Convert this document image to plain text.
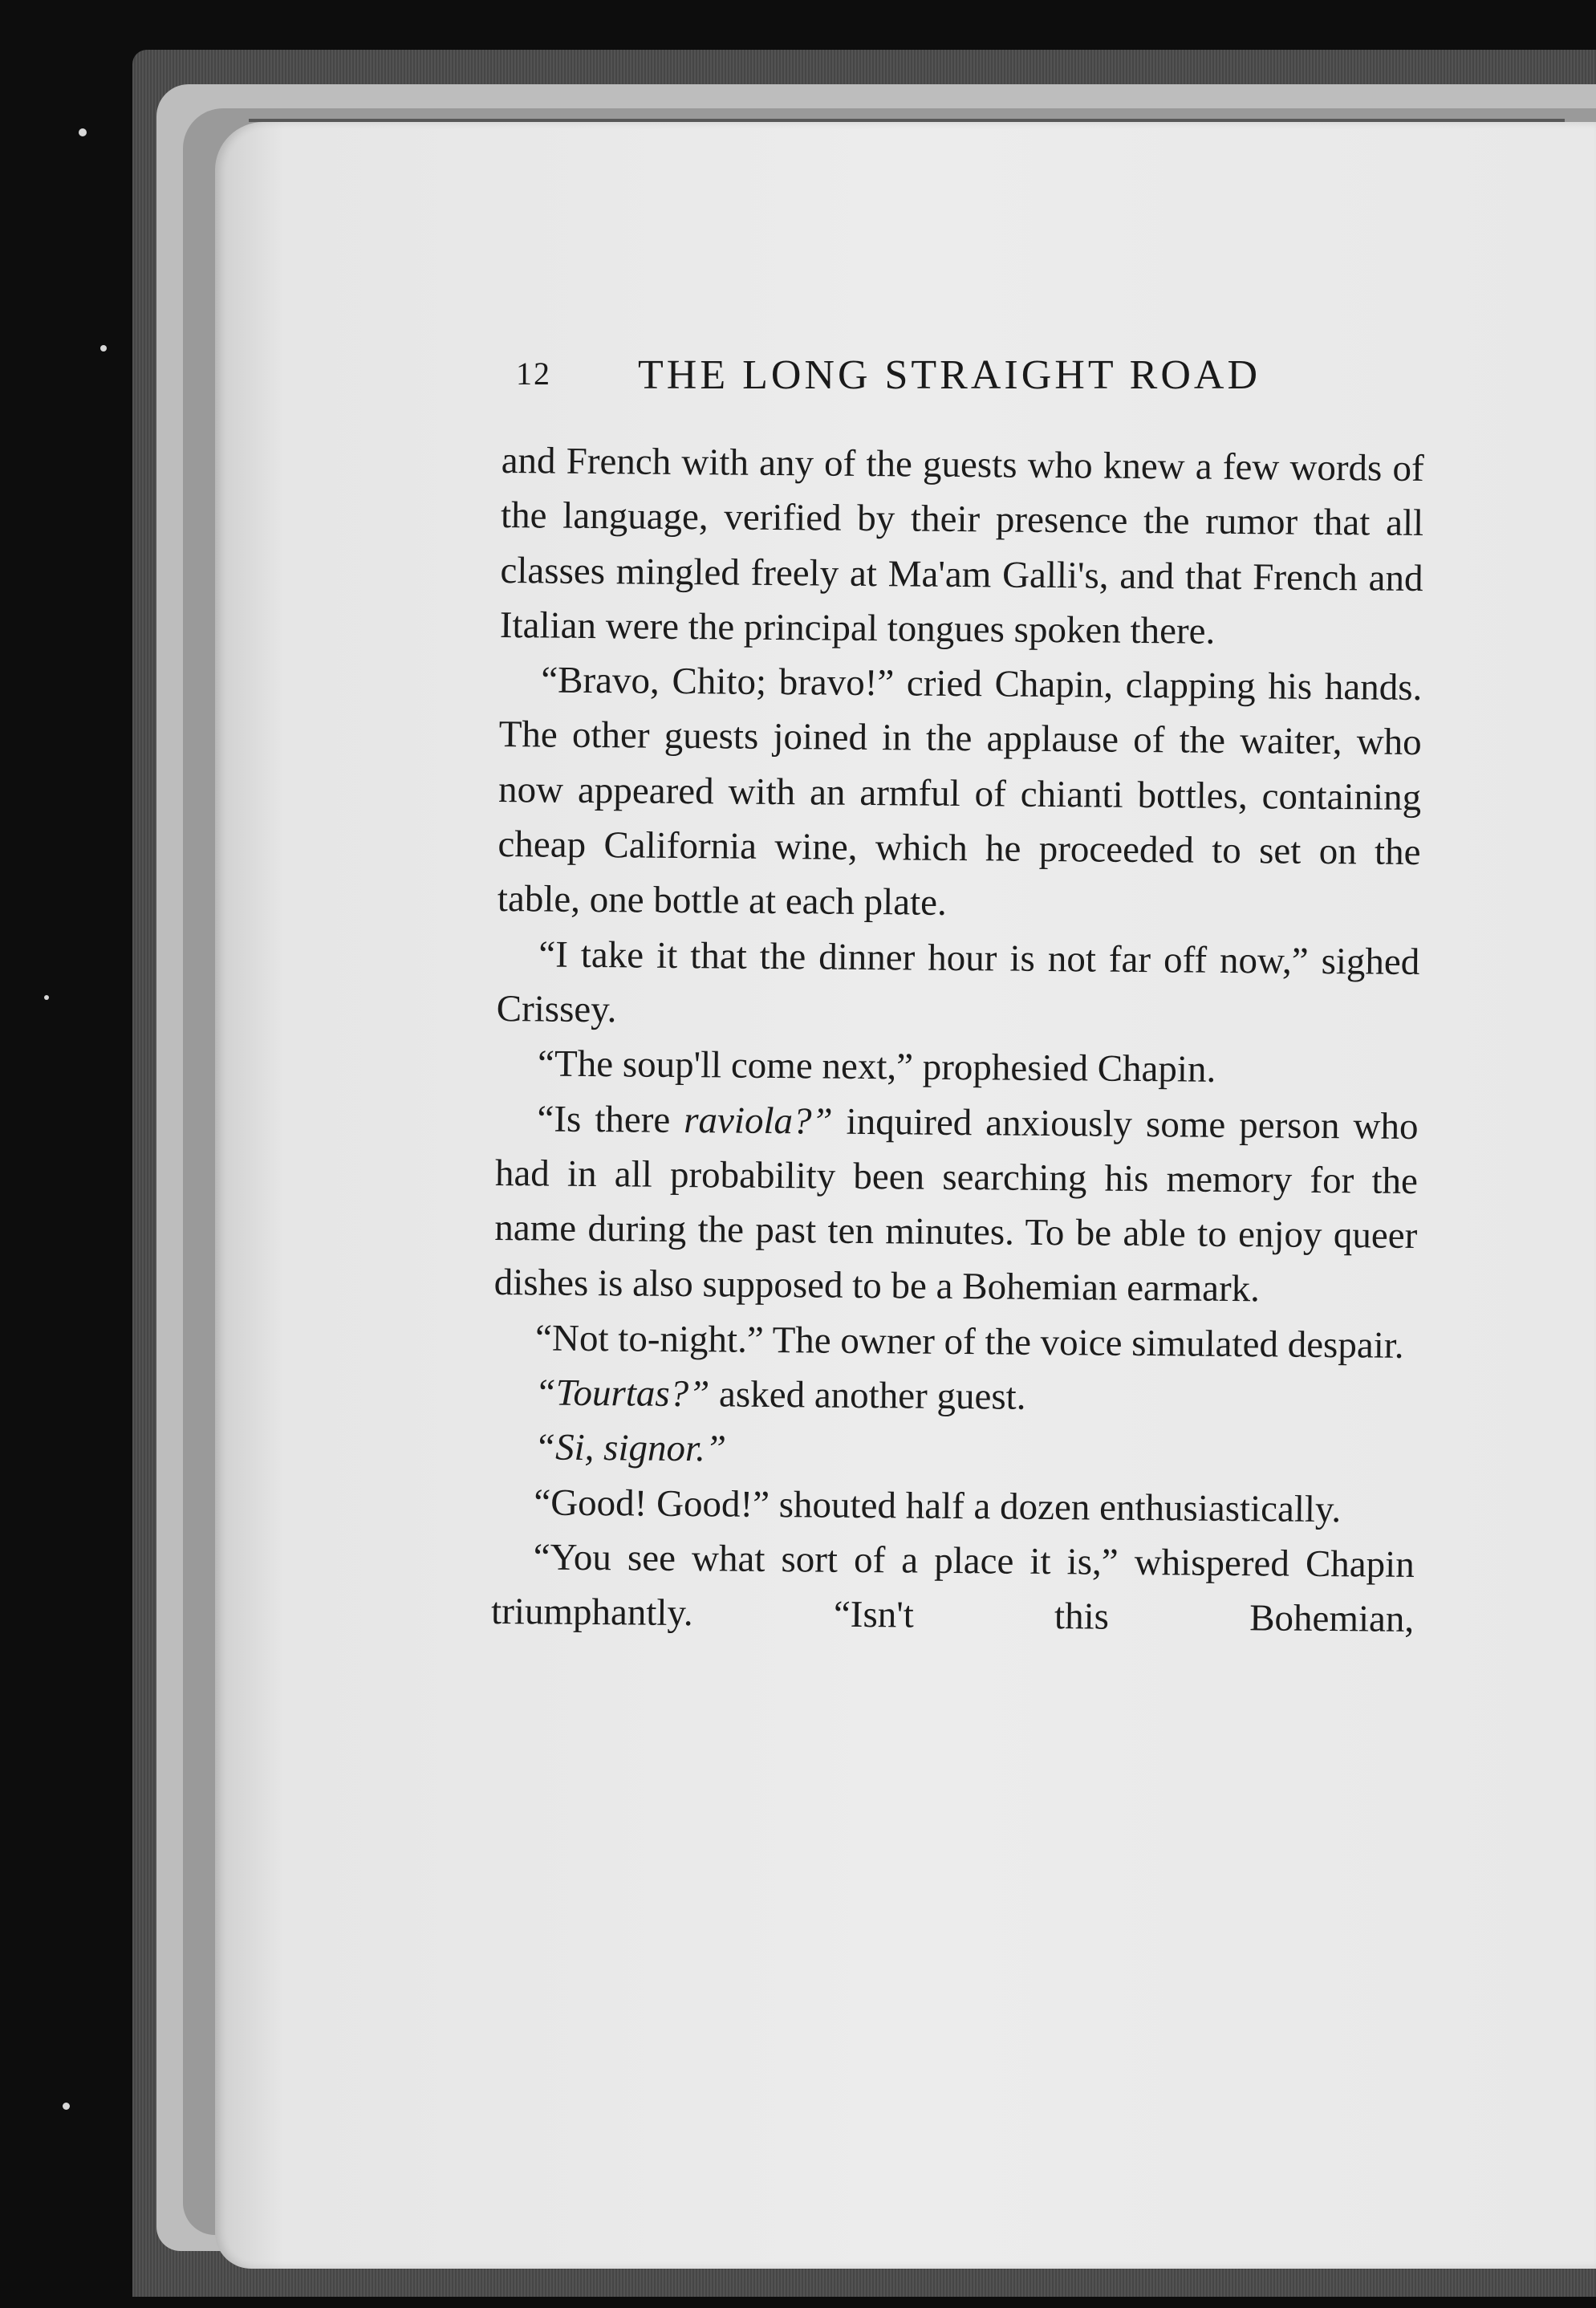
12 THE LONG STRAIGHT ROAD

and French with any of the guests who knew a few words of the language, verified by their presence the rumor that all classes mingled freely at Ma'am Galli's, and that French and Italian were the principal tongues spoken there.

“Bravo, Chito; bravo!” cried Chapin, clapping his hands. The other guests joined in the applause of the waiter, who now appeared with an armful of chianti bottles, containing cheap California wine, which he proceeded to set on the table, one bottle at each plate.

“I take it that the dinner hour is not far off now,” sighed Crissey.

“The soup'll come next,” prophesied Chapin.

“Is there raviola?” inquired anxiously some person who had in all probability been searching his memory for the name during the past ten minutes. To be able to enjoy queer dishes is also supposed to be a Bohemian earmark.

“Not to-night.” The owner of the voice simulated despair.

“Tourtas?” asked another guest.

“Si, signor.”

“Good! Good!” shouted half a dozen enthusiastically.

“You see what sort of a place it is,” whispered Chapin triumphantly. “Isn't this Bohemian,
